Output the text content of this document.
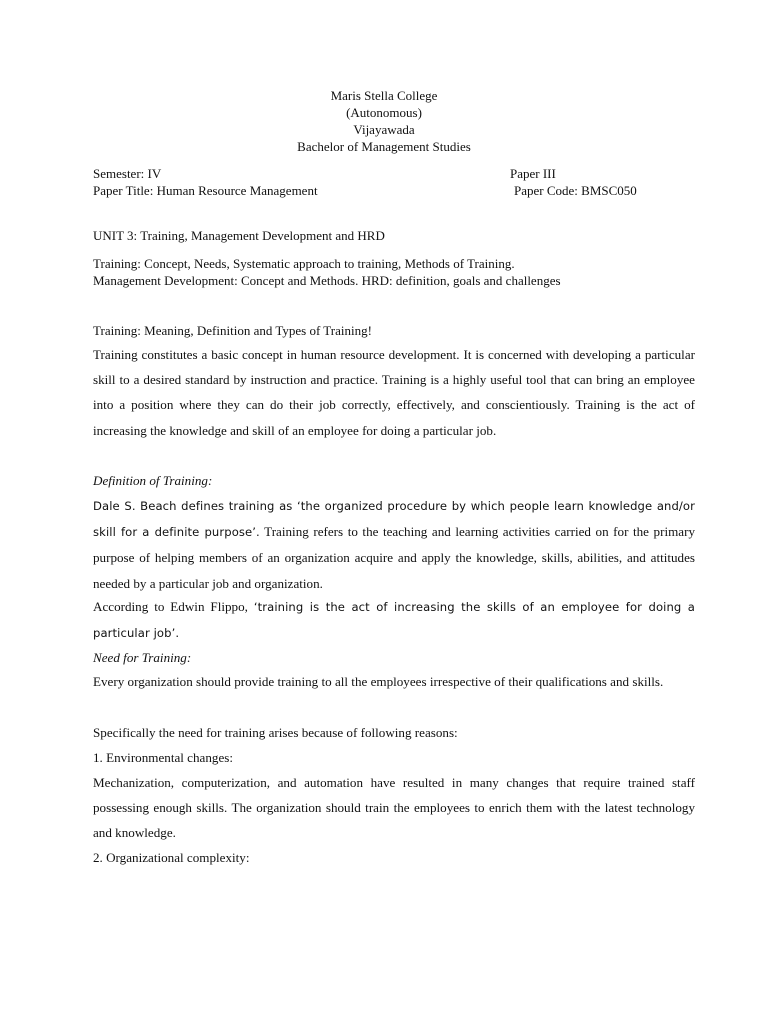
Maris Stella College
(Autonomous)
Vijayawada
Bachelor of Management Studies
Semester: IV	Paper III
Paper Title: Human Resource Management	Paper Code: BMSC050
UNIT 3: Training, Management Development and HRD
Training: Concept, Needs, Systematic approach to training, Methods of Training.
Management Development: Concept and Methods. HRD: definition, goals and challenges
Training: Meaning, Definition and Types of Training!
Training constitutes a basic concept in human resource development. It is concerned with developing a particular skill to a desired standard by instruction and practice. Training is a highly useful tool that can bring an employee into a position where they can do their job correctly, effectively, and conscientiously. Training is the act of increasing the knowledge and skill of an employee for doing a particular job.
Definition of Training:
Dale S. Beach defines training as ‘the organized procedure by which people learn knowledge and/or skill for a definite purpose’. Training refers to the teaching and learning activities carried on for the primary purpose of helping members of an organization acquire and apply the knowledge, skills, abilities, and attitudes needed by a particular job and organization.
According to Edwin Flippo, ‘training is the act of increasing the skills of an employee for doing a particular job’.
Need for Training:
Every organization should provide training to all the employees irrespective of their qualifications and skills.
Specifically the need for training arises because of following reasons:
1. Environmental changes:
Mechanization, computerization, and automation have resulted in many changes that require trained staff possessing enough skills. The organization should train the employees to enrich them with the latest technology and knowledge.
2. Organizational complexity:
